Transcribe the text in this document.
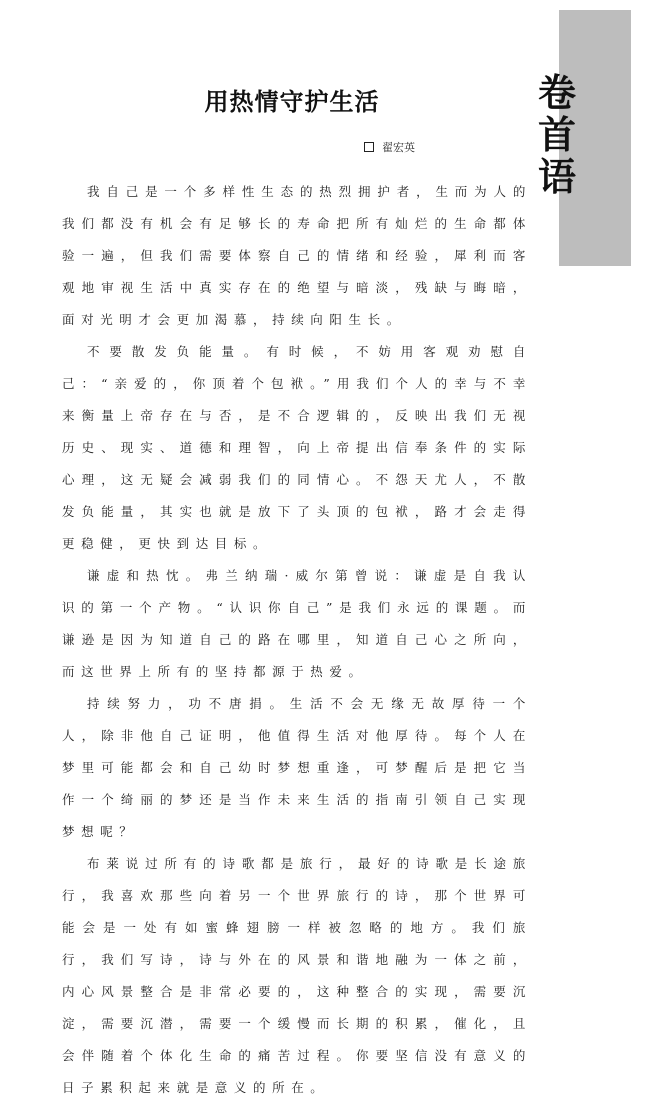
卷
首
语
用热情守护生活
翟宏英

我自己是一个多样性生态的热烈拥护者，生而为人的我们都没有机会有足够长的寿命把所有灿烂的生命都体验一遍，但我们需要体察自己的情绪和经验，犀利而客观地审视生活中真实存在的绝望与暗淡，残缺与晦暗，面对光明才会更加渴慕，持续向阳生长。

不要散发负能量。有时候，不妨用客观劝慰自己：“亲爱的，你顶着个包袱。”用我们个人的幸与不幸来衡量上帝存在与否，是不合逻辑的，反映出我们无视历史、现实、道德和理智，向上帝提出信奉条件的实际心理，这无疑会减弱我们的同情心。不怨天尤人，不散发负能量，其实也就是放下了头顶的包袱，路才会走得更稳健，更快到达目标。

谦虚和热忱。弗兰纳瑞·威尔第曾说：谦虚是自我认识的第一个产物。“认识你自己”是我们永远的课题。而谦逊是因为知道自己的路在哪里，知道自己心之所向，而这世界上所有的坚持都源于热爱。

持续努力，功不唐捐。生活不会无缘无故厚待一个人，除非他自己证明，他值得生活对他厚待。每个人在梦里可能都会和自己幼时梦想重逢，可梦醒后是把它当作一个绮丽的梦还是当作未来生活的指南引领自己实现梦想呢？

布莱说过所有的诗歌都是旅行，最好的诗歌是长途旅行，我喜欢那些向着另一个世界旅行的诗，那个世界可能会是一处有如蜜蜂翅膀一样被忽略的地方。我们旅行，我们写诗，诗与外在的风景和谐地融为一体之前，内心风景整合是非常必要的，这种整合的实现，需要沉淀，需要沉潜，需要一个缓慢而长期的积累，催化，且会伴随着个体化生命的痛苦过程。你要坚信没有意义的日子累积起来就是意义的所在。
